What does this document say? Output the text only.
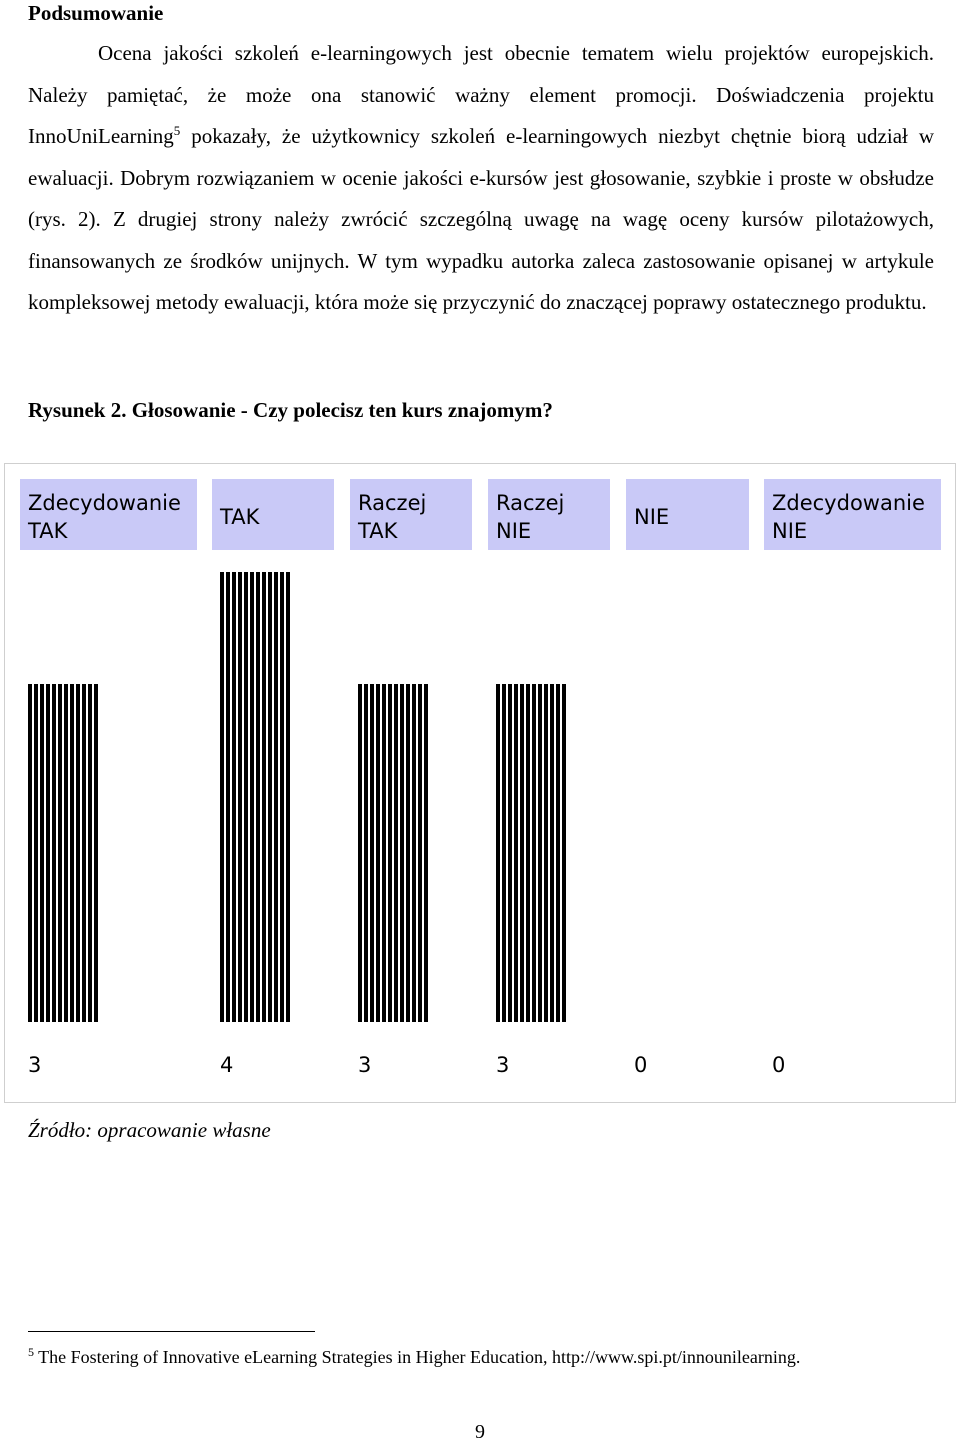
Podsumowanie

Ocena jakości szkoleń e-learningowych jest obecnie tematem wielu projektów europejskich. Należy pamiętać, że może ona stanowić ważny element promocji. Doświadczenia projektu InnoUniLearning$^5$ pokazały, że użytkownicy szkoleń e-learningowych niezbyt chętnie biorą udział w ewaluacji. Dobrym rozwiązaniem w ocenie jakości e-kursów jest głosowanie, szybkie i proste w obsłudze (rys. 2). Z drugiej strony należy zwrócić szczególną uwagę na wagę oceny kursów pilotażowych, finansowanych ze środków unijnych. W tym wypadku autorka zaleca zastosowanie opisanej w artykule kompleksowej metody ewaluacji, która może się przyczynić do znaczącej poprawy ostatecznego produktu.

Rysunek 2. Głosowanie - Czy polecisz ten kurs znajomym?
Zdecydowanie
TAK
TAK
Raczej
TAK
Raczej
NIE
NIE
Zdecydowanie
NIE
3	4	3	3	0	0
Źródło: opracowanie własne
$^5$ The Fostering of Innovative eLearning Strategies in Higher Education, http://www.spi.pt/innounilearning.
9
